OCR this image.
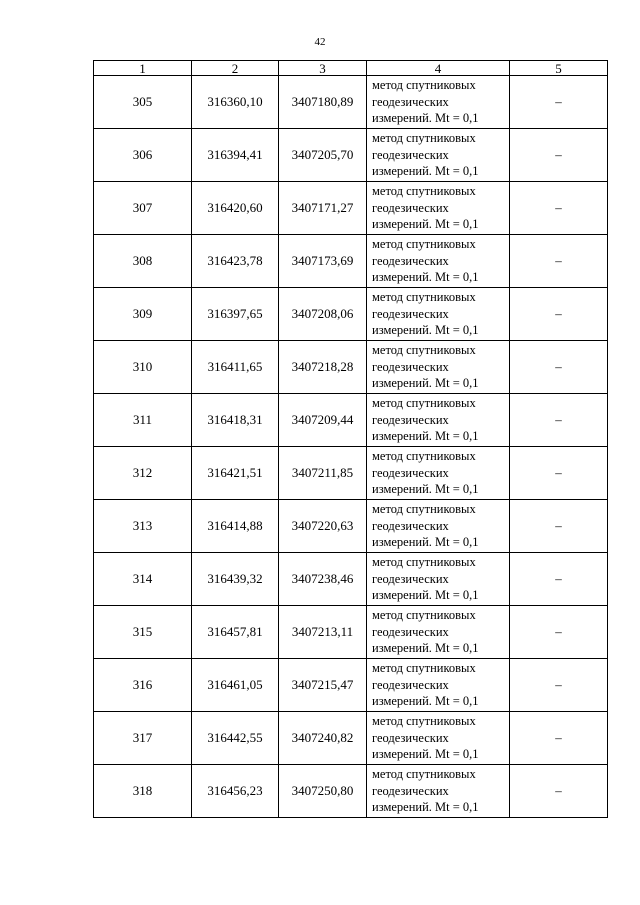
42
1	2	3	4	5
305	316360,10	3407180,89	метод спутниковых
геодезических
измерений. Mt = 0,1	–
306	316394,41	3407205,70	метод спутниковых
геодезических
измерений. Mt = 0,1	–
307	316420,60	3407171,27	метод спутниковых
геодезических
измерений. Mt = 0,1	–
308	316423,78	3407173,69	метод спутниковых
геодезических
измерений. Mt = 0,1	–
309	316397,65	3407208,06	метод спутниковых
геодезических
измерений. Mt = 0,1	–
310	316411,65	3407218,28	метод спутниковых
геодезических
измерений. Mt = 0,1	–
311	316418,31	3407209,44	метод спутниковых
геодезических
измерений. Mt = 0,1	–
312	316421,51	3407211,85	метод спутниковых
геодезических
измерений. Mt = 0,1	–
313	316414,88	3407220,63	метод спутниковых
геодезических
измерений. Mt = 0,1	–
314	316439,32	3407238,46	метод спутниковых
геодезических
измерений. Mt = 0,1	–
315	316457,81	3407213,11	метод спутниковых
геодезических
измерений. Mt = 0,1	–
316	316461,05	3407215,47	метод спутниковых
геодезических
измерений. Mt = 0,1	–
317	316442,55	3407240,82	метод спутниковых
геодезических
измерений. Mt = 0,1	–
318	316456,23	3407250,80	метод спутниковых
геодезических
измерений. Mt = 0,1	–
